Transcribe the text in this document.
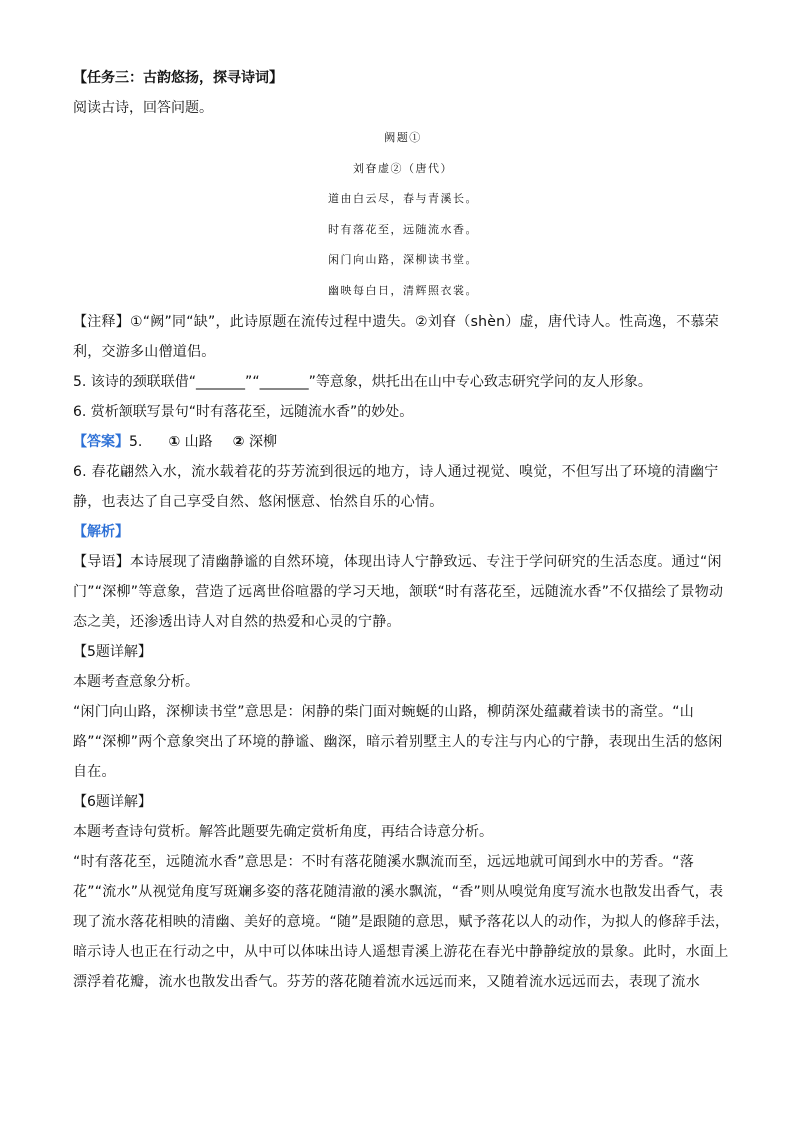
【任务三：古韵悠扬，探寻诗词】
阅读古诗，回答问题。
阙题①
刘眘虚②（唐代）
道由白云尽，春与青溪长。
时有落花至，远随流水香。
闲门向山路，深柳读书堂。
幽映每白日，清辉照衣裳。
【注释】①“阙”同“缺”，此诗原题在流传过程中遗失。②刘眘（shèn）虚，唐代诗人。性高逸，不慕荣利，交游多山僧道侣。
5. 该诗的颈联联借“_______”“_______”等意象，烘托出在山中专心致志研究学问的友人形象。
6. 赏析颔联写景句“时有落花至，远随流水香”的妙处。
【答案】5. ① 山路 ② 深柳
6. 春花翩然入水，流水载着花的芬芳流到很远的地方，诗人通过视觉、嗅觉，不但写出了环境的清幽宁静，也表达了自己享受自然、悠闲惬意、怡然自乐的心情。
【解析】
【导语】本诗展现了清幽静谧的自然环境，体现出诗人宁静致远、专注于学问研究的生活态度。通过“闲门”“深柳”等意象，营造了远离世俗喧嚣的学习天地，颔联“时有落花至，远随流水香”不仅描绘了景物动态之美，还渗透出诗人对自然的热爱和心灵的宁静。
【5题详解】
本题考查意象分析。
“闲门向山路，深柳读书堂”意思是：闲静的柴门面对蜿蜒的山路，柳荫深处蕴藏着读书的斋堂。“山路”“深柳”两个意象突出了环境的静谧、幽深，暗示着别墅主人的专注与内心的宁静，表现出生活的悠闲自在。
【6题详解】
本题考查诗句赏析。解答此题要先确定赏析角度，再结合诗意分析。
“时有落花至，远随流水香”意思是：不时有落花随溪水飘流而至，远远地就可闻到水中的芳香。“落花”“流水”从视觉角度写斑斓多姿的落花随清澈的溪水飘流，“香”则从嗅觉角度写流水也散发出香气，表现了流水落花相映的清幽、美好的意境。“随”是跟随的意思，赋予落花以人的动作，为拟人的修辞手法，暗示诗人也正在行动之中，从中可以体味出诗人遥想青溪上游花在春光中静静绽放的景象。此时，水面上漂浮着花瓣，流水也散发出香气。芬芳的落花随着流水远远而来，又随着流水远远而去，表现了流水
